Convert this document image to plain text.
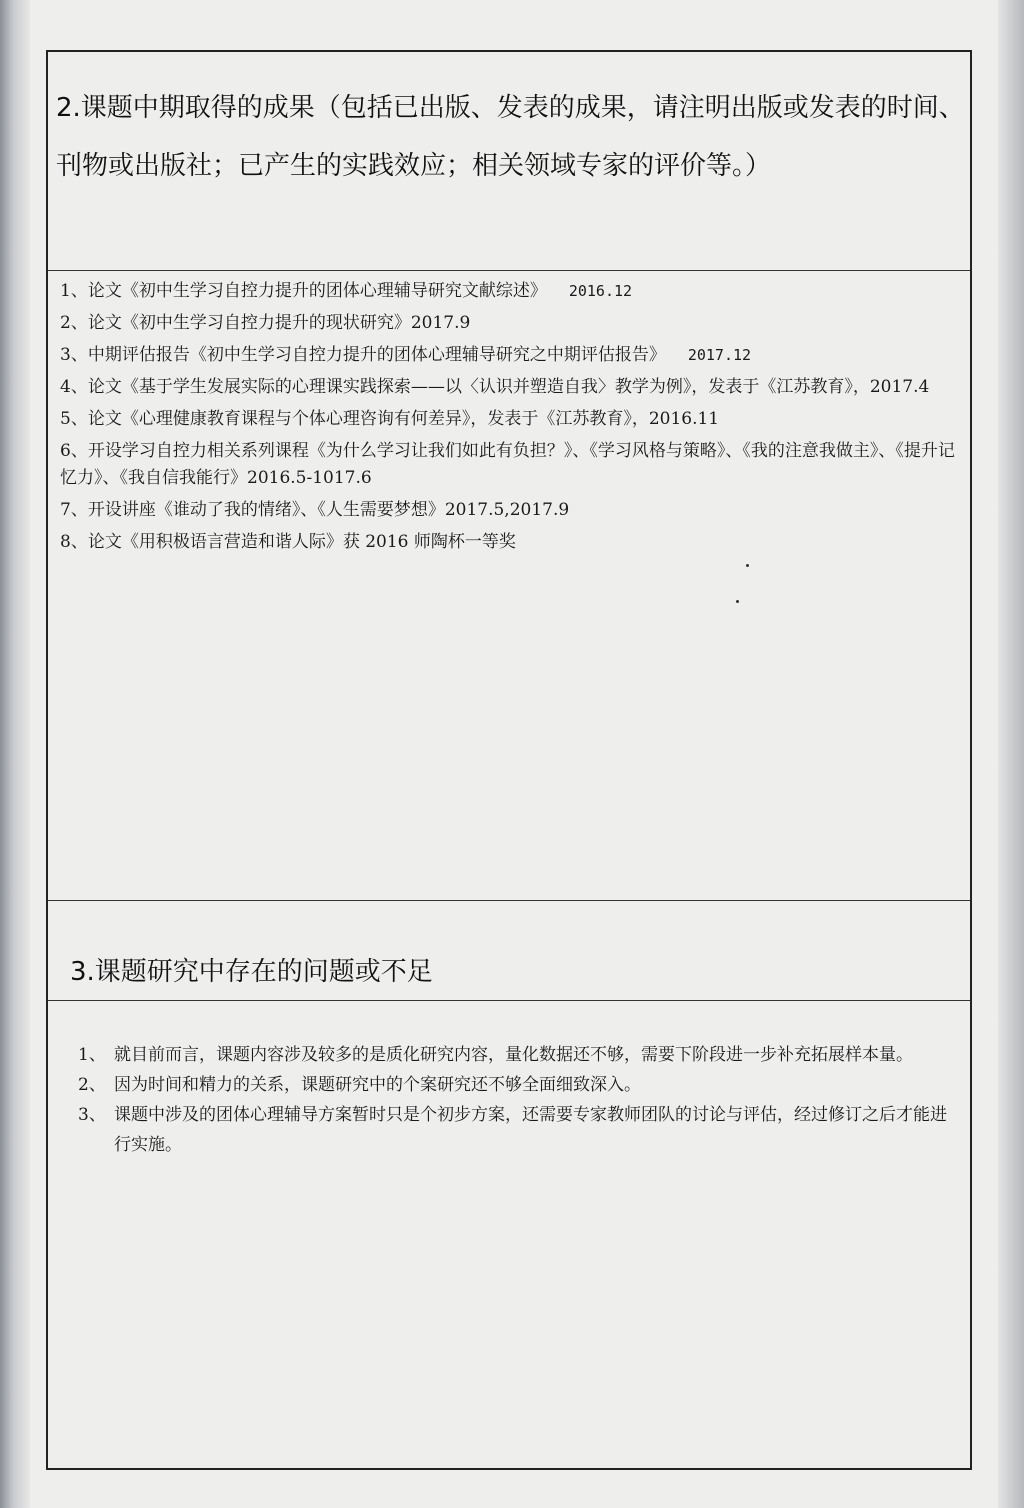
2.课题中期取得的成果（包括已出版、发表的成果，请注明出版或发表的时间、
刊物或出版社；已产生的实践效应；相关领域专家的评价等。）

1、论文《初中生学习自控力提升的团体心理辅导研究文献综述》 2016.12

2、论文《初中生学习自控力提升的现状研究》2017.9

3、中期评估报告《初中生学习自控力提升的团体心理辅导研究之中期评估报告》 2017.12

4、论文《基于学生发展实际的心理课实践探索——以〈认识并塑造自我〉教学为例》，发表于《江苏教育》，2017.4

5、论文《心理健康教育课程与个体心理咨询有何差异》，发表于《江苏教育》，2016.11

6、开设学习自控力相关系列课程《为什么学习让我们如此有负担？》、《学习风格与策略》、《我的注意我做主》、《提升记忆力》、《我自信我能行》2016.5-1017.6

7、开设讲座《谁动了我的情绪》、《人生需要梦想》2017.5,2017.9

8、论文《用积极语言营造和谐人际》获 2016 师陶杯一等奖

3.课题研究中存在的问题或不足
1、 就目前而言，课题内容涉及较多的是质化研究内容，量化数据还不够，需要下阶段进一步补充拓展样本量。
2、 因为时间和精力的关系，课题研究中的个案研究还不够全面细致深入。
3、 课题中涉及的团体心理辅导方案暂时只是个初步方案，还需要专家教师团队的讨论与评估，经过修订之后才能进行实施。
